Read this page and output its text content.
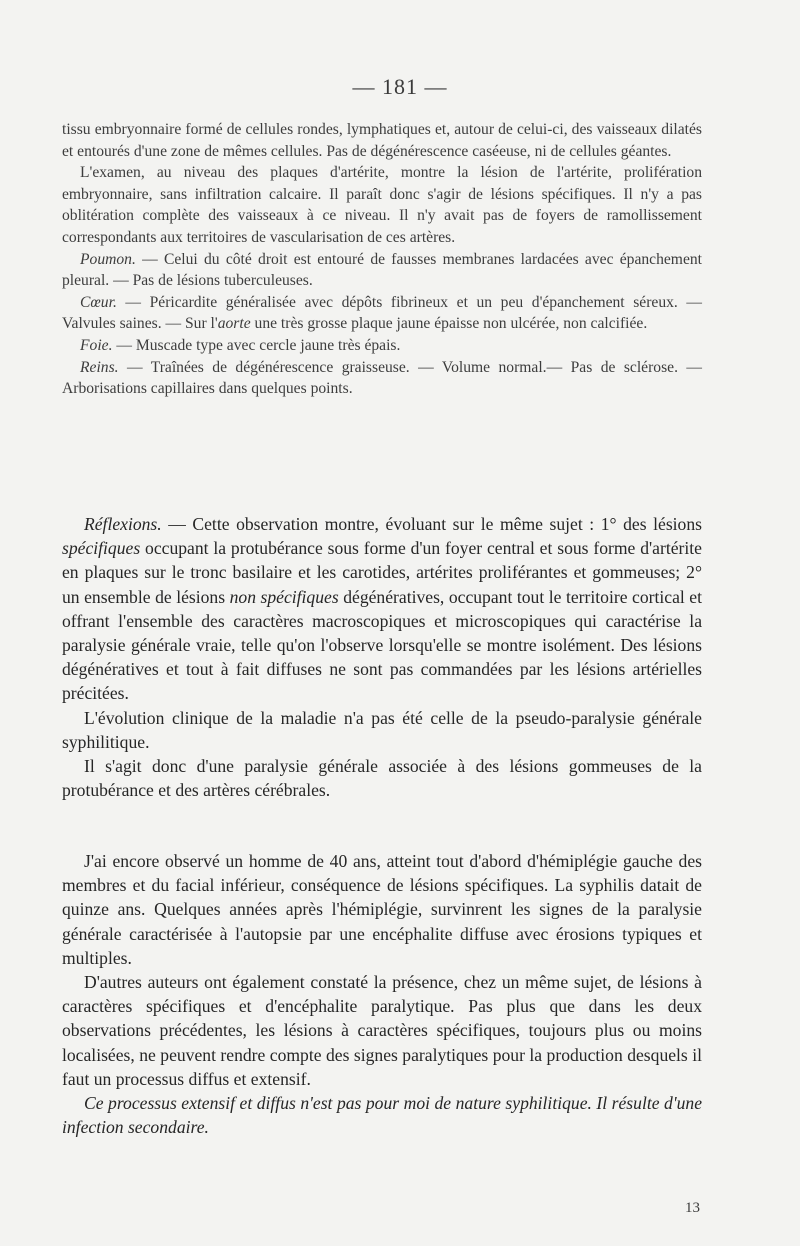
— 181 —

tissu embryonnaire formé de cellules rondes, lymphatiques et, autour de celui-ci, des vaisseaux dilatés et entourés d'une zone de mêmes cellules. Pas de dégénérescence caséeuse, ni de cellules géantes.

L'examen, au niveau des plaques d'artérite, montre la lésion de l'artérite, prolifération embryonnaire, sans infiltration calcaire. Il paraît donc s'agir de lésions spécifiques. Il n'y a pas oblitération complète des vaisseaux à ce niveau. Il n'y avait pas de foyers de ramollissement correspondants aux territoires de vascularisation de ces artères.

Poumon. — Celui du côté droit est entouré de fausses membranes lardacées avec épanchement pleural. — Pas de lésions tuberculeuses.

Cœur. — Péricardite généralisée avec dépôts fibrineux et un peu d'épanchement séreux. — Valvules saines. — Sur l'aorte une très grosse plaque jaune épaisse non ulcérée, non calcifiée.

Foie. — Muscade type avec cercle jaune très épais.

Reins. — Traînées de dégénérescence graisseuse. — Volume normal.— Pas de sclérose. — Arborisations capillaires dans quelques points.

Réflexions. — Cette observation montre, évoluant sur le même sujet : 1° des lésions spécifiques occupant la protubérance sous forme d'un foyer central et sous forme d'artérite en plaques sur le tronc basilaire et les carotides, artérites proliférantes et gommeuses; 2° un ensemble de lésions non spécifiques dégénératives, occupant tout le territoire cortical et offrant l'ensemble des caractères macroscopiques et microscopiques qui caractérise la paralysie générale vraie, telle qu'on l'observe lorsqu'elle se montre isolément. Des lésions dégénératives et tout à fait diffuses ne sont pas commandées par les lésions artérielles précitées.

L'évolution clinique de la maladie n'a pas été celle de la pseudo-paralysie générale syphilitique.

Il s'agit donc d'une paralysie générale associée à des lésions gommeuses de la protubérance et des artères cérébrales.

J'ai encore observé un homme de 40 ans, atteint tout d'abord d'hémiplégie gauche des membres et du facial inférieur, conséquence de lésions spécifiques. La syphilis datait de quinze ans. Quelques années après l'hémiplégie, survinrent les signes de la paralysie générale caractérisée à l'autopsie par une encéphalite diffuse avec érosions typiques et multiples.

D'autres auteurs ont également constaté la présence, chez un même sujet, de lésions à caractères spécifiques et d'encéphalite paralytique. Pas plus que dans les deux observations précédentes, les lésions à caractères spécifiques, toujours plus ou moins localisées, ne peuvent rendre compte des signes paralytiques pour la production desquels il faut un processus diffus et extensif.

Ce processus extensif et diffus n'est pas pour moi de nature syphilitique. Il résulte d'une infection secondaire.

13
